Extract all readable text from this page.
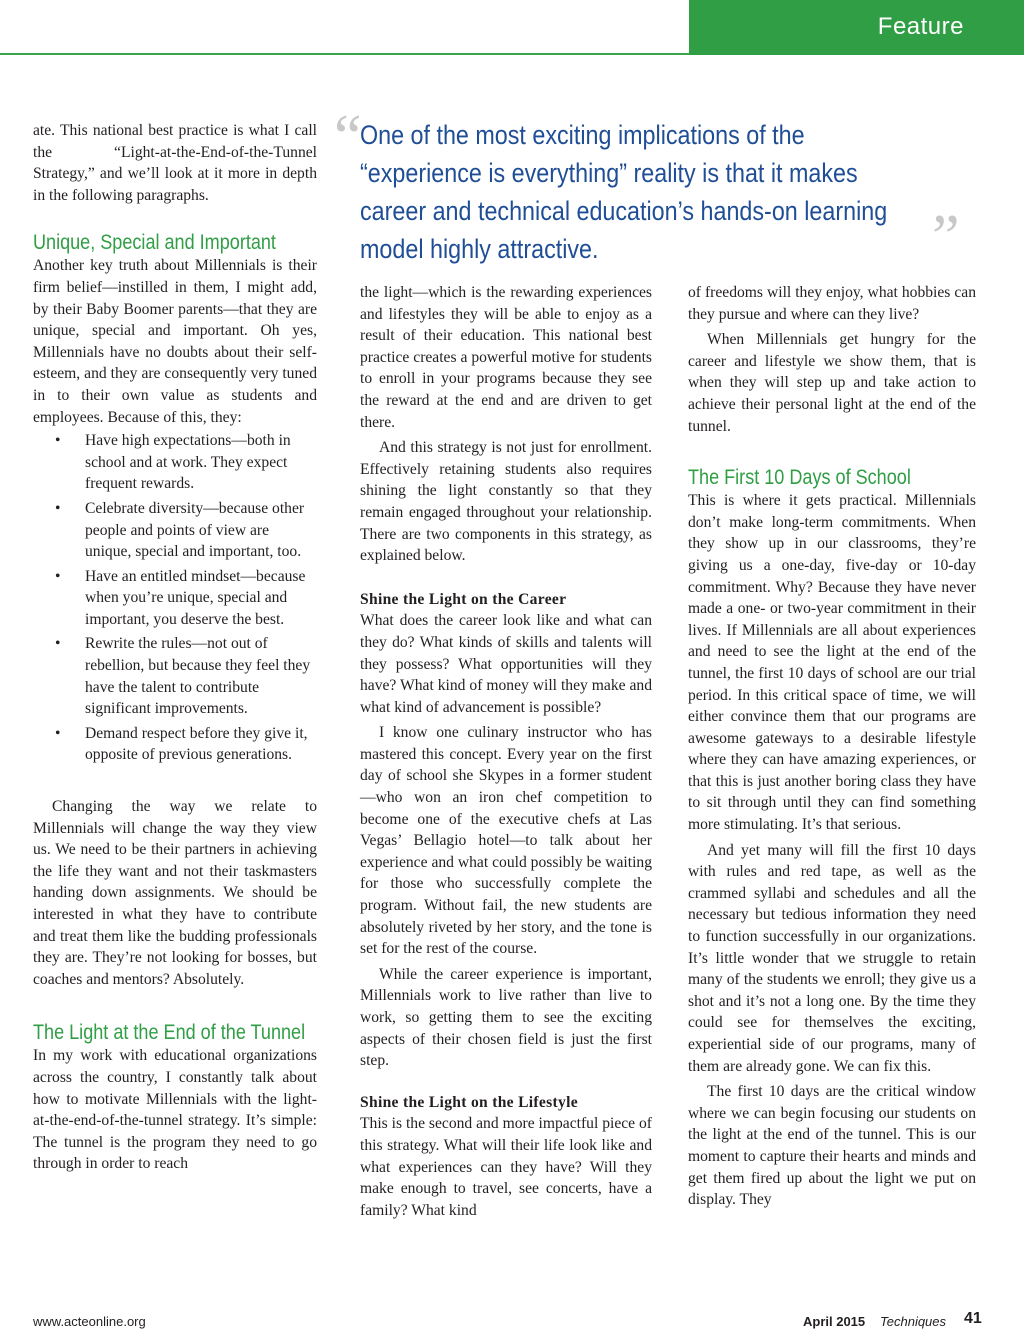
Feature
“
One of the most exciting implications of the “experience is everything” reality is that it makes career and technical education’s hands-on learning model highly attractive.	”

ate. This national best practice is what I call the “Light-at-the-End-of-the-Tunnel Strategy,” and we’ll look at it more in depth in the following paragraphs.

Unique, Special and Important

Another key truth about Millennials is their firm belief—instilled in them, I might add, by their Baby Boomer parents—that they are unique, special and important. Oh yes, Millennials have no doubts about their self-esteem, and they are consequently very tuned in to their own value as students and employees. Because of this, they:

• Have high expectations—both in school and at work. They expect frequent rewards.
• Celebrate diversity—because other people and points of view are unique, special and important, too.
• Have an entitled mindset—because when you’re unique, special and important, you deserve the best.
• Rewrite the rules—not out of rebellion, but because they feel they have the talent to contribute significant improvements.
• Demand respect before they give it, opposite of previous generations.

Changing the way we relate to Millennials will change the way they view us. We need to be their partners in achieving the life they want and not their taskmasters handing down assignments. We should be interested in what they have to contribute and treat them like the budding professionals they are. They’re not looking for bosses, but coaches and mentors? Absolutely.

The Light at the End of the Tunnel

In my work with educational organizations across the country, I constantly talk about how to motivate Millennials with the light-at-the-end-of-the-tunnel strategy. It’s simple: The tunnel is the program they need to go through in order to reach

the light—which is the rewarding experiences and lifestyles they will be able to enjoy as a result of their education. This national best practice creates a powerful motive for students to enroll in your programs because they see the reward at the end and are driven to get there.

And this strategy is not just for enrollment. Effectively retaining students also requires shining the light constantly so that they remain engaged throughout your relationship. There are two components in this strategy, as explained below.

Shine the Light on the Career

What does the career look like and what can they do? What kinds of skills and talents will they possess? What opportunities will they have? What kind of money will they make and what kind of advancement is possible?

I know one culinary instructor who has mastered this concept. Every year on the first day of school she Skypes in a former student—who won an iron chef competition to become one of the executive chefs at Las Vegas’ Bellagio hotel—to talk about her experience and what could possibly be waiting for those who successfully complete the program. Without fail, the new students are absolutely riveted by her story, and the tone is set for the rest of the course.

While the career experience is important, Millennials work to live rather than live to work, so getting them to see the exciting aspects of their chosen field is just the first step.

Shine the Light on the Lifestyle

This is the second and more impactful piece of this strategy. What will their life look like and what experiences can they have? Will they make enough to travel, see concerts, have a family? What kind

of freedoms will they enjoy, what hobbies can they pursue and where can they live?

When Millennials get hungry for the career and lifestyle we show them, that is when they will step up and take action to achieve their personal light at the end of the tunnel.

The First 10 Days of School

This is where it gets practical. Millennials don’t make long-term commitments. When they show up in our classrooms, they’re giving us a one-day, five-day or 10-day commitment. Why? Because they have never made a one- or two-year commitment in their lives. If Millennials are all about experiences and need to see the light at the end of the tunnel, the first 10 days of school are our trial period. In this critical space of time, we will either convince them that our programs are awesome gateways to a desirable lifestyle where they can have amazing experiences, or that this is just another boring class they have to sit through until they can find something more stimulating. It’s that serious.

And yet many will fill the first 10 days with rules and red tape, as well as the crammed syllabi and schedules and all the necessary but tedious information they need to function successfully in our organizations. It’s little wonder that we struggle to retain many of the students we enroll; they give us a shot and it’s not a long one. By the time they could see for themselves the exciting, experiential side of our programs, many of them are already gone. We can fix this.

The first 10 days are the critical window where we can begin focusing our students on the light at the end of the tunnel. This is our moment to capture their hearts and minds and get them fired up about the light we put on display. They

www.acteonline.org	April 2015 Techniques 41
